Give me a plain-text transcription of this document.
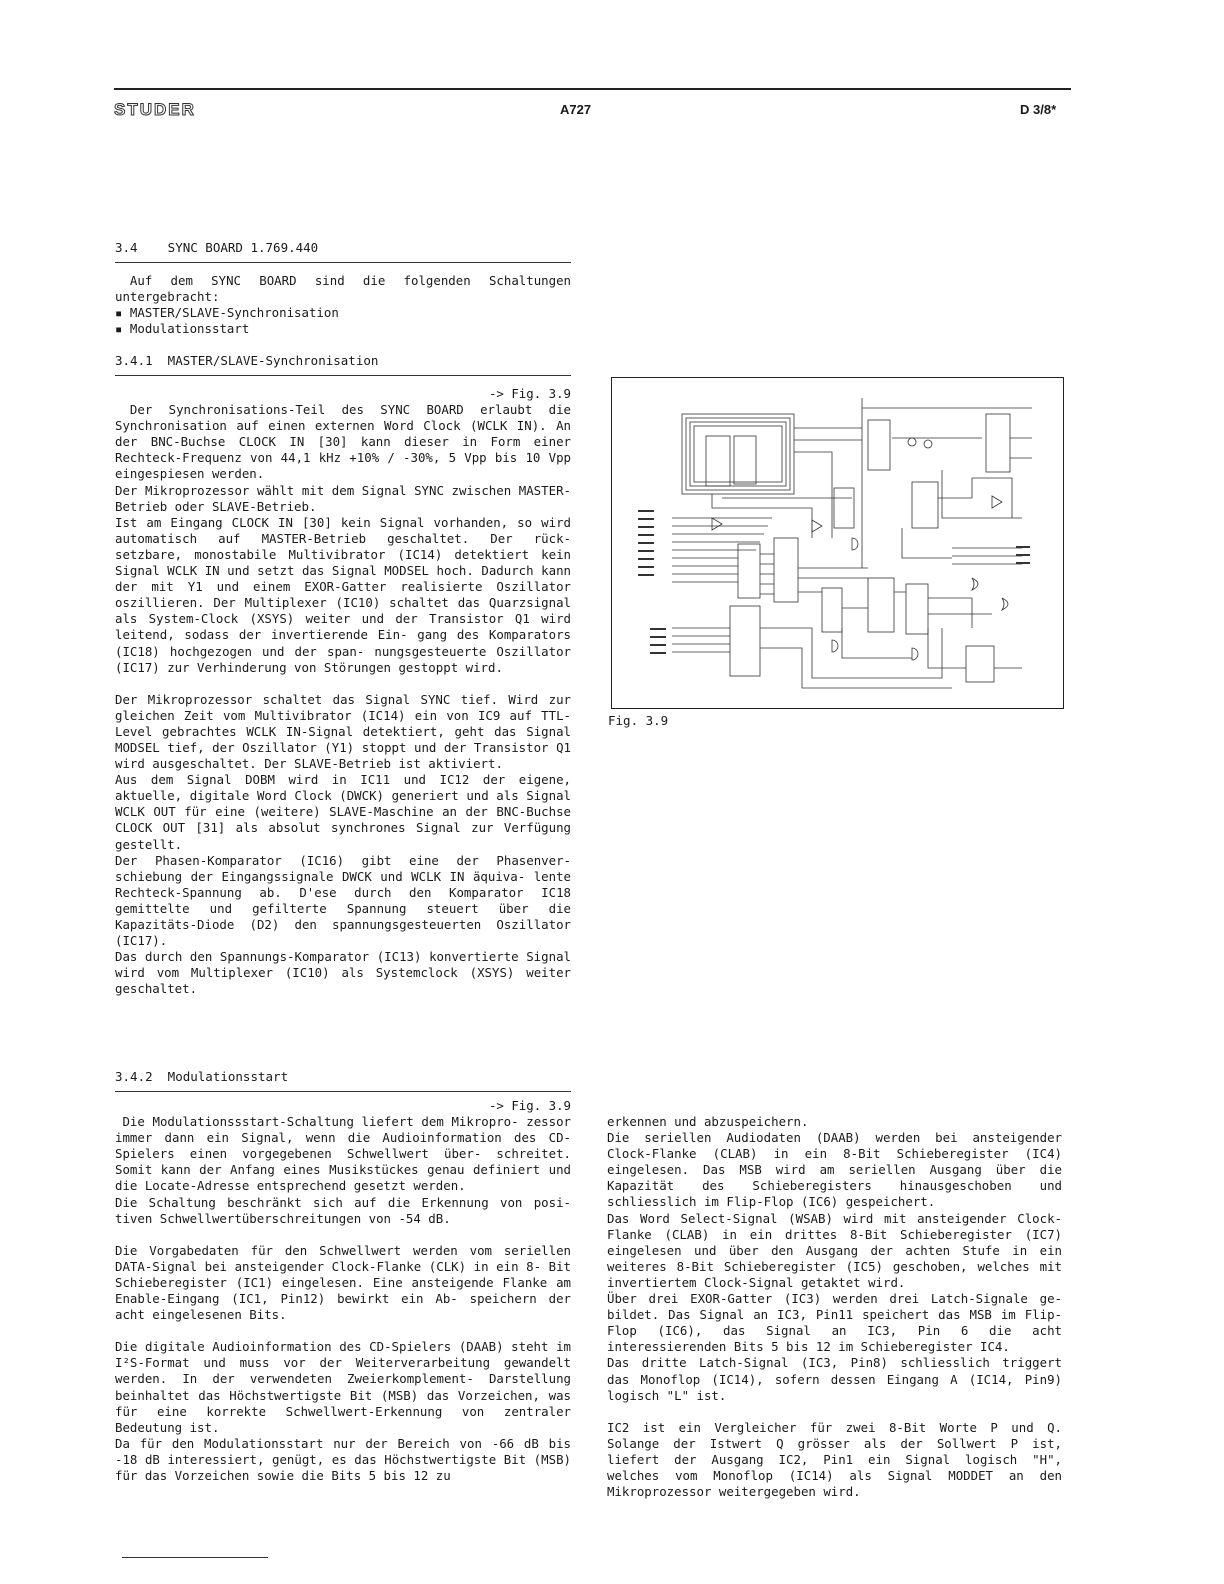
STUDER	A727	D 3/8*
3.4    SYNC BOARD 1.769.440

Auf dem SYNC BOARD sind die folgenden Schaltungen untergebracht:

▪ MASTER/SLAVE-Synchronisation
▪ Modulationsstart
3.4.1  MASTER/SLAVE-Synchronisation

-> Fig. 3.9

Der Synchronisations-Teil des SYNC BOARD erlaubt die Synchronisation auf einen externen Word Clock (WCLK IN). An der BNC-Buchse CLOCK IN [30] kann dieser in Form einer Rechteck-Frequenz von 44,1 kHz +10% / -30%, 5 Vpp bis 10 Vpp eingespiesen werden.

Der Mikroprozessor wählt mit dem Signal SYNC zwischen MASTER-Betrieb oder SLAVE-Betrieb.

Ist am Eingang CLOCK IN [30] kein Signal vorhanden, so wird automatisch auf MASTER-Betrieb geschaltet. Der rück- setzbare, monostabile Multivibrator (IC14) detektiert kein Signal WCLK IN und setzt das Signal MODSEL hoch. Dadurch kann der mit Y1 und einem EXOR-Gatter realisierte Oszillator oszillieren. Der Multiplexer (IC10) schaltet das Quarzsignal als System-Clock (XSYS) weiter und der Transistor Q1 wird leitend, sodass der invertierende Ein- gang des Komparators (IC18) hochgezogen und der span- nungsgesteuerte Oszillator (IC17) zur Verhinderung von Störungen gestoppt wird.

Der Mikroprozessor schaltet das Signal SYNC tief. Wird zur gleichen Zeit vom Multivibrator (IC14) ein von IC9 auf TTL-Level gebrachtes WCLK IN-Signal detektiert, geht das Signal MODSEL tief, der Oszillator (Y1) stoppt und der Transistor Q1 wird ausgeschaltet. Der SLAVE-Betrieb ist aktiviert.

Aus dem Signal DOBM wird in IC11 und IC12 der eigene, aktuelle, digitale Word Clock (DWCK) generiert und als Signal WCLK OUT für eine (weitere) SLAVE-Maschine an der BNC-Buchse CLOCK OUT [31] als absolut synchrones Signal zur Verfügung gestellt.

Der Phasen-Komparator (IC16) gibt eine der Phasenver- schiebung der Eingangssignale DWCK und WCLK IN äquiva- lente Rechteck-Spannung ab. D'ese durch den Komparator IC18 gemittelte und gefilterte Spannung steuert über die Kapazitäts-Diode (D2) den spannungsgesteuerten Oszillator (IC17).

Das durch den Spannungs-Komparator (IC13) konvertierte Signal wird vom Multiplexer (IC10) als Systemclock (XSYS) weiter geschaltet.

Fig. 3.9
3.4.2  Modulationsstart

-> Fig. 3.9

Die Modulationssstart-Schaltung liefert dem Mikropro- zessor immer dann ein Signal, wenn die Audioinformation des CD-Spielers einen vorgegebenen Schwellwert über- schreitet. Somit kann der Anfang eines Musikstückes genau definiert und die Locate-Adresse entsprechend gesetzt werden.

Die Schaltung beschränkt sich auf die Erkennung von posi- tiven Schwellwertüberschreitungen von -54 dB.

Die Vorgabedaten für den Schwellwert werden vom seriellen DATA-Signal bei ansteigender Clock-Flanke (CLK) in ein 8- Bit Schieberegister (IC1) eingelesen. Eine ansteigende Flanke am Enable-Eingang (IC1, Pin12) bewirkt ein Ab- speichern der acht eingelesenen Bits.

Die digitale Audioinformation des CD-Spielers (DAAB) steht im I²S-Format und muss vor der Weiterverarbeitung gewandelt werden. In der verwendeten Zweierkomplement- Darstellung beinhaltet das Höchstwertigste Bit (MSB) das Vorzeichen, was für eine korrekte Schwellwert-Erkennung von zentraler Bedeutung ist.

Da für den Modulationsstart nur der Bereich von -66 dB bis -18 dB interessiert, genügt, es das Höchstwertigste Bit (MSB) für das Vorzeichen sowie die Bits 5 bis 12 zu

erkennen und abzuspeichern.

Die seriellen Audiodaten (DAAB) werden bei ansteigender Clock-Flanke (CLAB) in ein 8-Bit Schieberegister (IC4) eingelesen. Das MSB wird am seriellen Ausgang über die Kapazität des Schieberegisters hinausgeschoben und schliesslich im Flip-Flop (IC6) gespeichert.

Das Word Select-Signal (WSAB) wird mit ansteigender Clock-Flanke (CLAB) in ein drittes 8-Bit Schieberegister (IC7) eingelesen und über den Ausgang der achten Stufe in ein weiteres 8-Bit Schieberegister (IC5) geschoben, welches mit invertiertem Clock-Signal getaktet wird.

Über drei EXOR-Gatter (IC3) werden drei Latch-Signale ge- bildet. Das Signal an IC3, Pin11 speichert das MSB im Flip-Flop (IC6), das Signal an IC3, Pin 6 die acht interessierenden Bits 5 bis 12 im Schieberegister IC4.

Das dritte Latch-Signal (IC3, Pin8) schliesslich triggert das Monoflop (IC14), sofern dessen Eingang A (IC14, Pin9) logisch "L" ist.

IC2 ist ein Vergleicher für zwei 8-Bit Worte P und Q. Solange der Istwert Q grösser als der Sollwert P ist, liefert der Ausgang IC2, Pin1 ein Signal logisch "H", welches vom Monoflop (IC14) als Signal MODDET an den Mikroprozessor weitergegeben wird.
